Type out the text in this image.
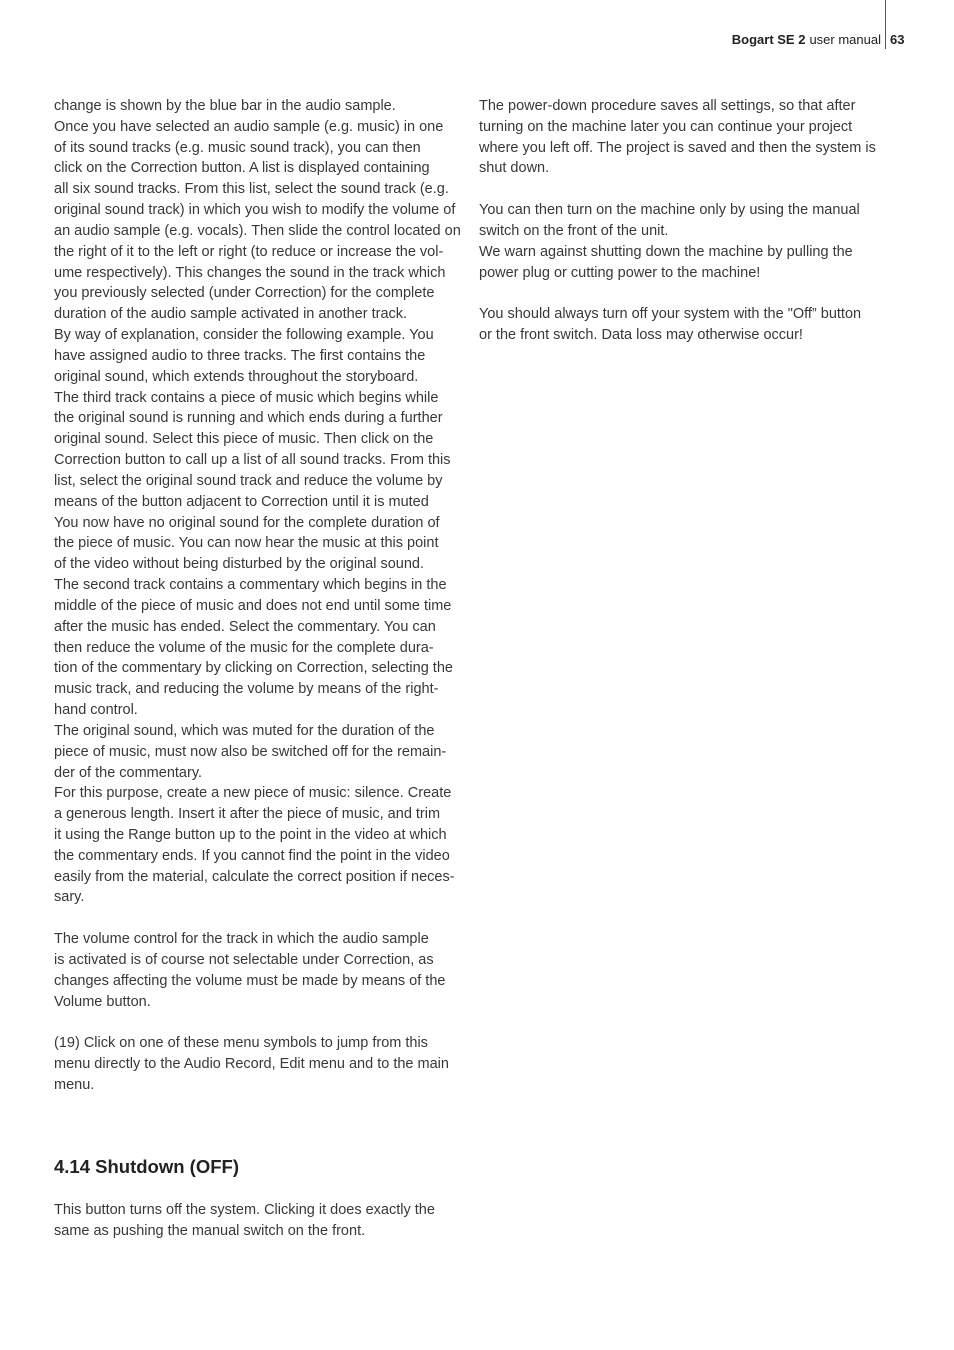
Bogart SE 2 user manual 63
change is shown by the blue bar in the audio sample.
Once you have selected an audio sample (e.g. music) in one
of its sound tracks (e.g. music sound track), you can then
click on the Correction button. A list is displayed containing
all six sound tracks. From this list, select the sound track (e.g.
original sound track) in which you wish to modify the volume of
an audio sample (e.g. vocals). Then slide the control located on
the right of it to the left or right (to reduce or increase the vol-
ume respectively). This changes the sound in the track which
you previously selected (under Correction) for the complete
duration of the audio sample activated in another track.
By way of explanation, consider the following example. You
have assigned audio to three tracks. The first contains the
original sound, which extends throughout the storyboard.
The third track contains a piece of music which begins while
the original sound is running and which ends during a further
original sound. Select this piece of music. Then click on the
Correction button to call up a list of all sound tracks. From this
list, select the original sound track and reduce the volume by
means of the button adjacent to Correction until it is muted
You now have no original sound for the complete duration of
the piece of music. You can now hear the music at this point
of the video without being disturbed by the original sound.
The second track contains a commentary which begins in the
middle of the piece of music and does not end until some time
after the music has ended. Select the commentary. You can
then reduce the volume of the music for the complete dura-
tion of the commentary by clicking on Correction, selecting the
music track, and reducing the volume by means of the right-
hand control.
The original sound, which was muted for the duration of the
piece of music, must now also be switched off for the remain-
der of the commentary.
For this purpose, create a new piece of music: silence. Create
a generous length. Insert it after the piece of music, and trim
it using the Range button up to the point in the video at which
the commentary ends. If you cannot find the point in the video
easily from the material, calculate the correct position if neces-
sary.
The volume control for the track in which the audio sample
is activated is of course not selectable under Correction, as
changes affecting the volume must be made by means of the
Volume button.
(19) Click on one of these menu symbols to jump from this
menu directly to the Audio Record, Edit menu and to the main
menu.
4.14 Shutdown (OFF)
This button turns off the system. Clicking it does exactly the
same as pushing the manual switch on the front.
The power-down procedure saves all settings, so that after
turning on the machine later you can continue your project
where you left off. The project is saved and then the system is
shut down.
You can then turn on the machine only by using the manual
switch on the front of the unit.
We warn against shutting down the machine by pulling the
power plug or cutting power to the machine!
You should always turn off your system with the "Off” button
or the front switch. Data loss may otherwise occur!
